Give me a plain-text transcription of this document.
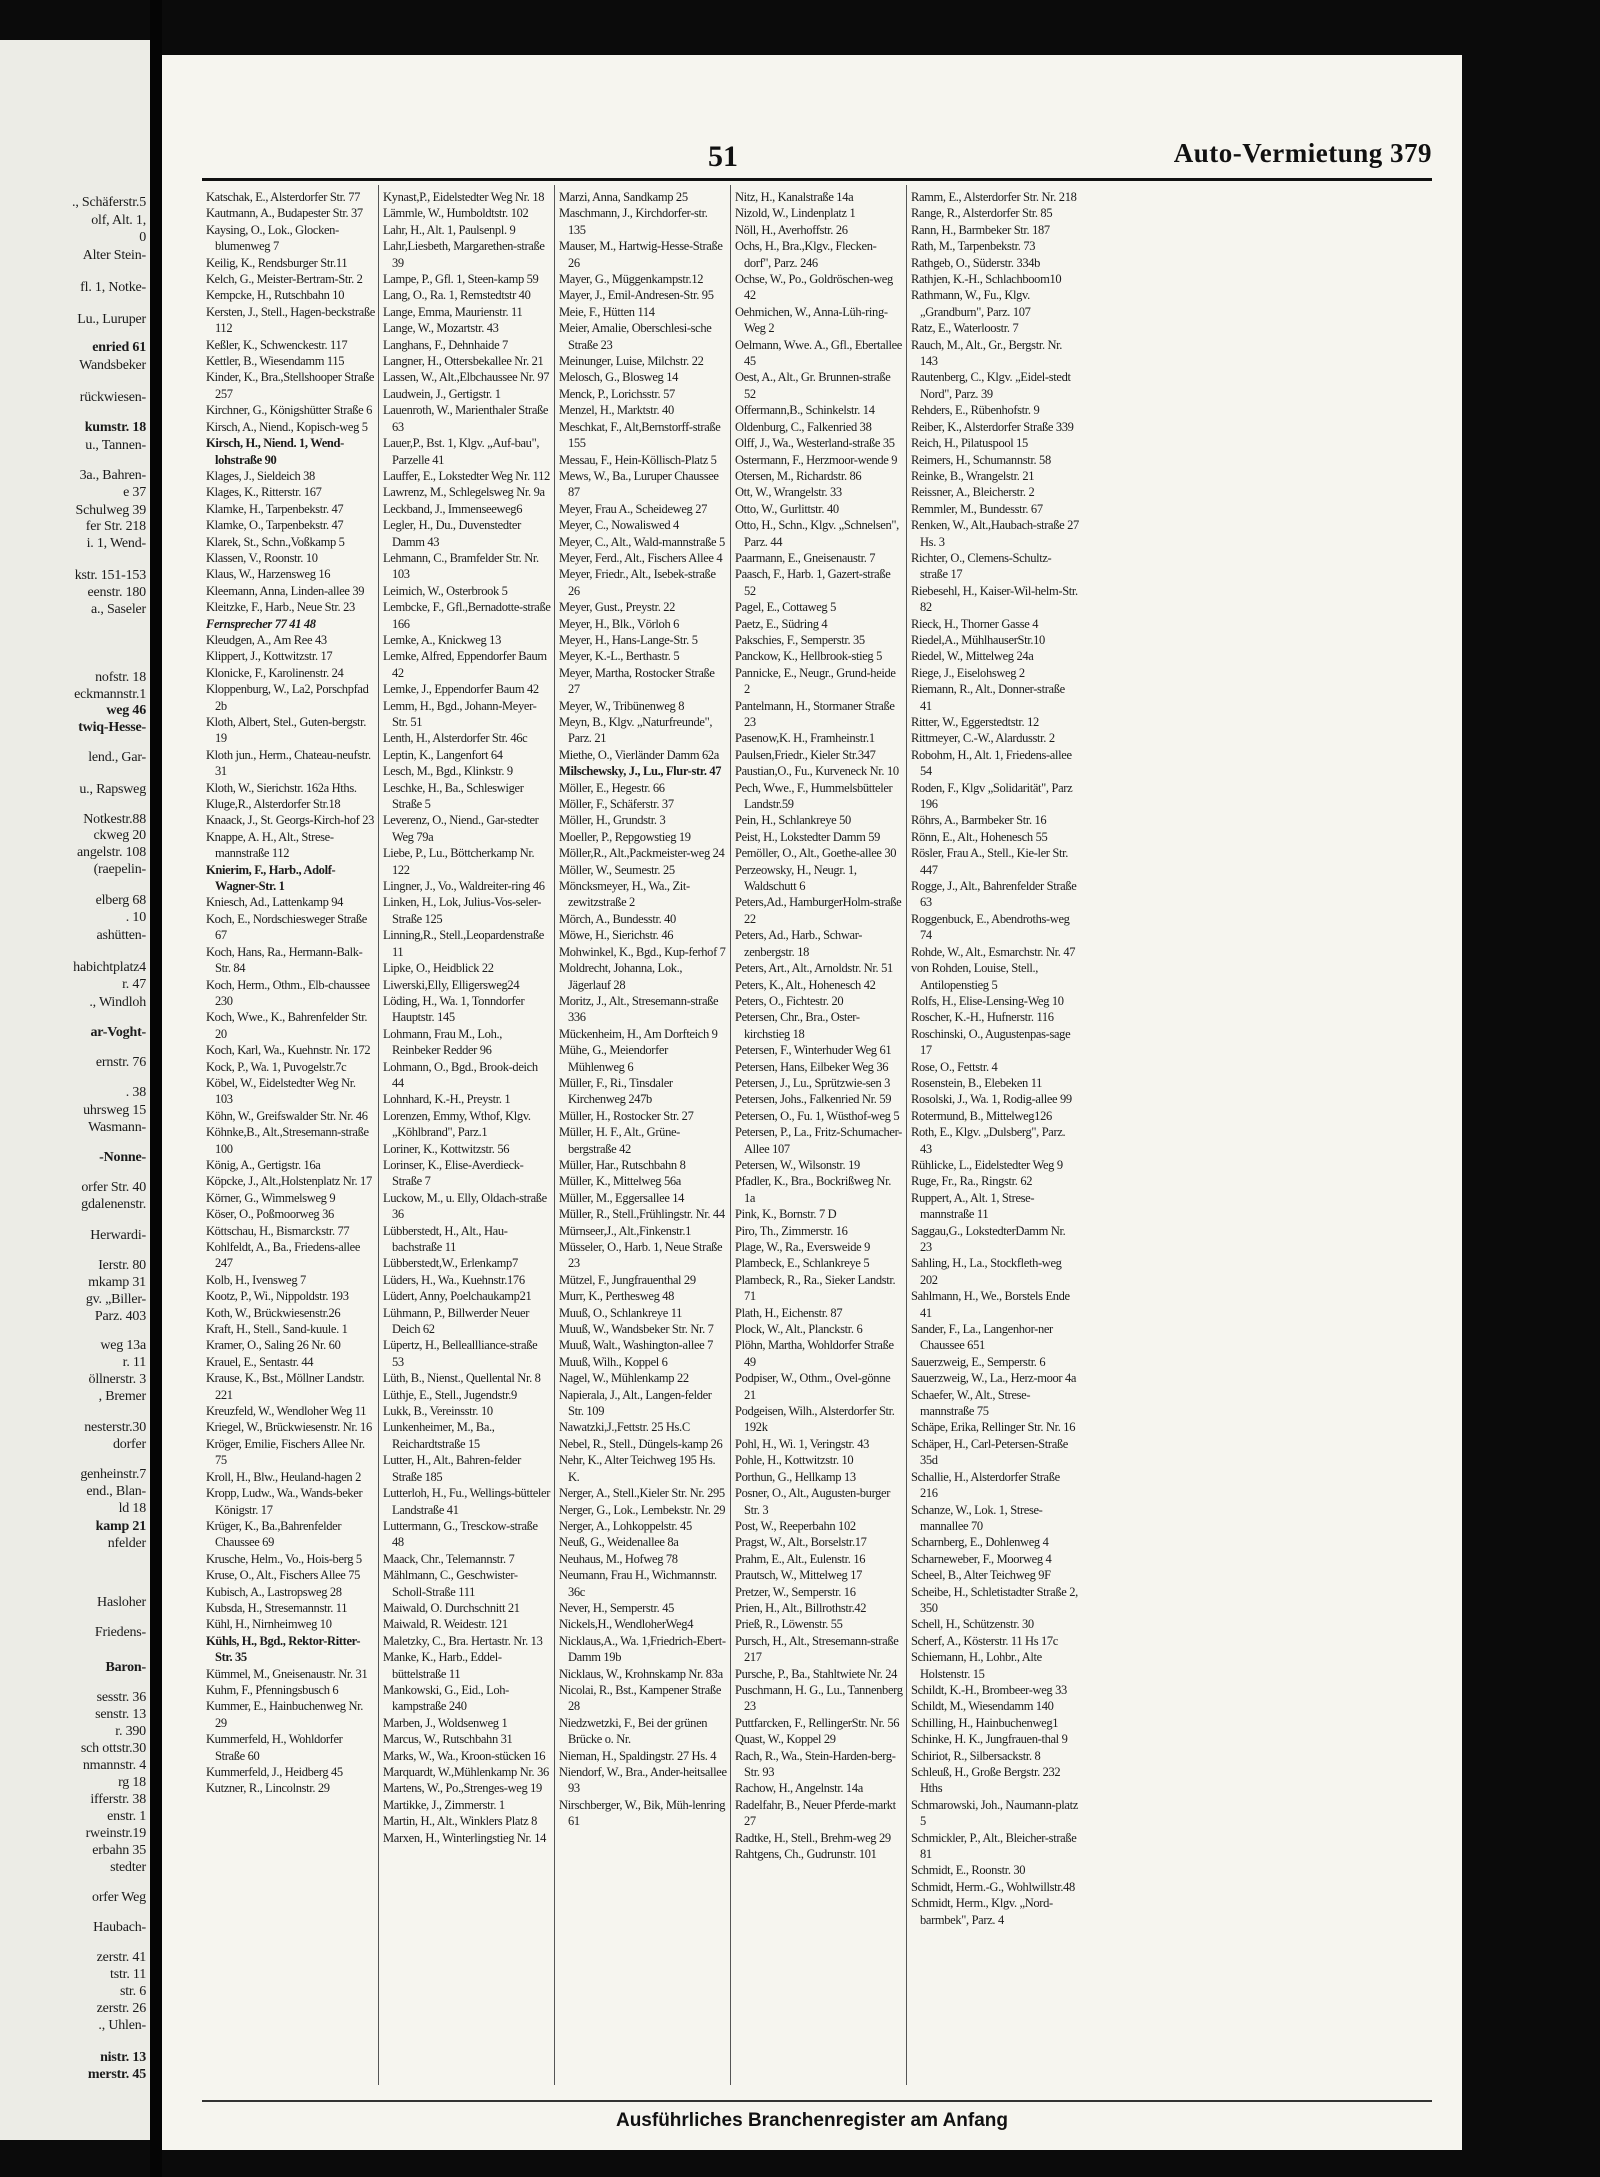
., Schäferstr.5
olf, Alt. 1,
0
Alter Stein-
fl. 1, Notke-
Lu., Luruper
enried 61
Wandsbeker
rückwiesen-
kumstr. 18
u., Tannen-
3a., Bahren-
e 37
Schulweg 39
fer Str. 218
i. 1, Wend-
kstr. 151-153
eenstr. 180
a., Saseler
nofstr. 18
eckmannstr.1
weg 46
twiq-Hesse-
lend., Gar-
u., Rapsweg
Notkestr.88
ckweg 20
angelstr. 108
(raepelin-
elberg 68
. 10
ashütten-
habichtplatz4
r. 47
., Windloh
ar-Voght-
ernstr. 76
. 38
uhrsweg 15
Wasmann-
-Nonne-
orfer Str. 40
gdalenenstr.
Herwardi-
Ierstr. 80
mkamp 31
gv. „Biller-
Parz. 403
weg 13a
r. 11
öllnerstr. 3
, Bremer
nesterstr.30
dorfer
genheinstr.7
end., Blan-
ld 18
kamp 21
nfelder
Hasloher
Friedens-
Baron-
sesstr. 36
senstr. 13
r. 390
sch ottstr.30
nmannstr. 4
rg 18
ifferstr. 38
enstr. 1
rweinstr.19
erbahn 35
stedter
orfer Weg
Haubach-
zerstr. 41
tstr. 11
str. 6
zerstr. 26
., Uhlen-
nistr. 13
merstr. 45
51	Auto-Vermietung 379
Katschak, E., Alsterdorfer Str. 77
Kautmann, A., Budapester Str. 37
Kaysing, O., Lok., Glocken-blumenweg 7
Keilig, K., Rendsburger Str.11
Kelch, G., Meister-Bertram-Str. 2
Kempcke, H., Rutschbahn 10
Kersten, J., Stell., Hagen-beckstraße 112
Keßler, K., Schwenckestr. 117
Kettler, B., Wiesendamm 115
Kinder, K., Bra.,Stellshooper Straße 257
Kirchner, G., Königshütter Straße 6
Kirsch, A., Niend., Kopisch-weg 5
Kirsch, H., Niend. 1, Wend-lohstraße 90
Klages, J., Sieldeich 38
Klages, K., Ritterstr. 167
Klamke, H., Tarpenbekstr. 47
Klamke, O., Tarpenbekstr. 47
Klarek, St., Schn.,Voßkamp 5
Klassen, V., Roonstr. 10
Klaus, W., Harzensweg 16
Kleemann, Anna, Linden-allee 39
Kleitzke, F., Harb., Neue Str. 23
Fernsprecher 77 41 48
Kleudgen, A., Am Ree 43
Klippert, J., Kottwitzstr. 17
Klonicke, F., Karolinenstr. 24
Kloppenburg, W., La2, Porschpfad 2b
Kloth, Albert, Stel., Guten-bergstr. 19
Kloth jun., Herm., Chateau-neufstr. 31
Kloth, W., Sierichstr. 162a Hths.
Kluge,R., Alsterdorfer Str.18
Knaack, J., St. Georgs-Kirch-hof 23
Knappe, A. H., Alt., Strese-mannstraße 112
Knierim, F., Harb., Adolf-Wagner-Str. 1
Kniesch, Ad., Lattenkamp 94
Koch, E., Nordschiesweger Straße 67
Koch, Hans, Ra., Hermann-Balk-Str. 84
Koch, Herm., Othm., Elb-chaussee 230
Koch, Wwe., K., Bahrenfelder Str. 20
Koch, Karl, Wa., Kuehnstr. Nr. 172
Kock, P., Wa. 1, Puvogelstr.7c
Köbel, W., Eidelstedter Weg Nr. 103
Köhn, W., Greifswalder Str. Nr. 46
Köhnke,B., Alt.,Stresemann-straße 100
König, A., Gertigstr. 16a
Köpcke, J., Alt.,Holstenplatz Nr. 17
Körner, G., Wimmelsweg 9
Köser, O., Poßmoorweg 36
Köttschau, H., Bismarckstr. 77
Kohlfeldt, A., Ba., Friedens-allee 247
Kolb, H., Ivensweg 7
Kootz, P., Wi., Nippoldstr. 193
Koth, W., Brückwiesenstr.26
Kraft, H., Stell., Sand-kuule. 1
Kramer, O., Saling 26 Nr. 60
Krauel, E., Sentastr. 44
Krause, K., Bst., Möllner Landstr. 221
Kreuzfeld, W., Wendloher Weg 11
Kriegel, W., Brückwiesenstr. Nr. 16
Kröger, Emilie, Fischers Allee Nr. 75
Kroll, H., Blw., Heuland-hagen 2
Kropp, Ludw., Wa., Wands-beker Königstr. 17
Krüger, K., Ba.,Bahrenfelder Chaussee 69
Krusche, Helm., Vo., Hois-berg 5
Kruse, O., Alt., Fischers Allee 75
Kubisch, A., Lastropsweg 28
Kubsda, H., Stresemannstr. 11
Kühl, H., Nirnheimweg 10
Kühls, H., Bgd., Rektor-Ritter-Str. 35
Kümmel, M., Gneisenaustr. Nr. 31
Kuhm, F., Pfenningsbusch 6
Kummer, E., Hainbuchenweg Nr. 29
Kummerfeld, H., Wohldorfer Straße 60
Kummerfeld, J., Heidberg 45
Kutzner, R., Lincolnstr. 29
Kynast,P., Eidelstedter Weg Nr. 18
Lämmle, W., Humboldtstr. 102
Lahr, H., Alt. 1, Paulsenpl. 9
Lahr,Liesbeth, Margarethen-straße 39
Lampe, P., Gfl. 1, Steen-kamp 59
Lang, O., Ra. 1, Remstedtstr 40
Lange, Emma, Maurienstr. 11
Lange, W., Mozartstr. 43
Langhans, F., Dehnhaide 7
Langner, H., Ottersbekallee Nr. 21
Lassen, W., Alt.,Elbchaussee Nr. 97
Laudwein, J., Gertigstr. 1
Lauenroth, W., Marienthaler Straße 63
Lauer,P., Bst. 1, Klgv. „Auf-bau", Parzelle 41
Lauffer, E., Lokstedter Weg Nr. 112
Lawrenz, M., Schlegelsweg Nr. 9a
Leckband, J., Immenseeweg6
Legler, H., Du., Duvenstedter Damm 43
Lehmann, C., Bramfelder Str. Nr. 103
Leimich, W., Osterbrook 5
Lembcke, F., Gfl.,Bernadotte-straße 166
Lemke, A., Knickweg 13
Lemke, Alfred, Eppendorfer Baum 42
Lemke, J., Eppendorfer Baum 42
Lemm, H., Bgd., Johann-Meyer-Str. 51
Lenth, H., Alsterdorfer Str. 46c
Leptin, K., Langenfort 64
Lesch, M., Bgd., Klinkstr. 9
Leschke, H., Ba., Schleswiger Straße 5
Leverenz, O., Niend., Gar-stedter Weg 79a
Liebe, P., Lu., Böttcherkamp Nr. 122
Lingner, J., Vo., Waldreiter-ring 46
Linken, H., Lok, Julius-Vos-seler-Straße 125
Linning,R., Stell.,Leopardenstraße 11
Lipke, O., Heidblick 22
Liwerski,Elly, Elligersweg24
Löding, H., Wa. 1, Tonndorfer Hauptstr. 145
Lohmann, Frau M., Loh., Reinbeker Redder 96
Lohmann, O., Bgd., Brook-deich 44
Lohnhard, K.-H., Preystr. 1
Lorenzen, Emmy, Wthof, Klgv. „Köhlbrand", Parz.1
Loriner, K., Kottwitzstr. 56
Lorinser, K., Elise-Averdieck-Straße 7
Luckow, M., u. Elly, Oldach-straße 36
Lübberstedt, H., Alt., Hau-bachstraße 11
Lübberstedt,W., Erlenkamp7
Lüders, H., Wa., Kuehnstr.176
Lüdert, Anny, Poelchaukamp21
Lühmann, P., Billwerder Neuer Deich 62
Lüpertz, H., Belleallliance-straße 53
Lüth, B., Nienst., Quellental Nr. 8
Lüthje, E., Stell., Jugendstr.9
Lukk, B., Vereinsstr. 10
Lunkenheimer, M., Ba., Reichardtstraße 15
Lutter, H., Alt., Bahren-felder Straße 185
Lutterloh, H., Fu., Wellings-bütteler Landstraße 41
Luttermann, G., Tresckow-straße 48
Maack, Chr., Telemannstr. 7
Mählmann, C., Geschwister-Scholl-Straße 111
Maiwald, O. Durchschnitt 21
Maiwald, R. Weidestr. 121
Maletzky, C., Bra. Hertastr. Nr. 13
Manke, K., Harb., Eddel-büttelstraße 11
Mankowski, G., Eid., Loh-kampstraße 240
Marben, J., Woldsenweg 1
Marcus, W., Rutschbahn 31
Marks, W., Wa., Kroon-stücken 16
Marquardt, W.,Mühlenkamp Nr. 36
Martens, W., Po.,Strenges-weg 19
Martikke, J., Zimmerstr. 1
Martin, H., Alt., Winklers Platz 8
Marxen, H., Winterlingstieg Nr. 14
Marzi, Anna, Sandkamp 25
Maschmann, J., Kirchdorfer-str. 135
Mauser, M., Hartwig-Hesse-Straße 26
Mayer, G., Müggenkampstr.12
Mayer, J., Emil-Andresen-Str. 95
Meie, F., Hütten 114
Meier, Amalie, Oberschlesi-sche Straße 23
Meinunger, Luise, Milchstr. 22
Melosch, G., Blosweg 14
Menck, P., Lorichsstr. 57
Menzel, H., Marktstr. 40
Meschkat, F., Alt,Bernstorff-straße 155
Messau, F., Hein-Köllisch-Platz 5
Mews, W., Ba., Luruper Chaussee 87
Meyer, Frau A., Scheideweg 27
Meyer, C., Nowaliswed 4
Meyer, C., Alt., Wald-mannstraße 5
Meyer, Ferd., Alt., Fischers Allee 4
Meyer, Friedr., Alt., Isebek-straße 26
Meyer, Gust., Preystr. 22
Meyer, H., Blk., Vörloh 6
Meyer, H., Hans-Lange-Str. 5
Meyer, K.-L., Berthastr. 5
Meyer, Martha, Rostocker Straße 27
Meyer, W., Tribünenweg 8
Meyn, B., Klgv. „Naturfreunde", Parz. 21
Miethe, O., Vierländer Damm 62a
Milschewsky, J., Lu., Flur-str. 47
Möller, E., Hegestr. 66
Möller, F., Schäferstr. 37
Möller, H., Grundstr. 3
Moeller, P., Repgowstieg 19
Möller,R., Alt.,Packmeister-weg 24
Möller, W., Seumestr. 25
Möncksmeyer, H., Wa., Zit-zewitzstraße 2
Mörch, A., Bundesstr. 40
Möwe, H., Sierichstr. 46
Mohwinkel, K., Bgd., Kup-ferhof 7
Moldrecht, Johanna, Lok., Jägerlauf 28
Moritz, J., Alt., Stresemann-straße 336
Mückenheim, H., Am Dorfteich 9
Mühe, G., Meiendorfer Mühlenweg 6
Müller, F., Ri., Tinsdaler Kirchenweg 247b
Müller, H., Rostocker Str. 27
Müller, H. F., Alt., Grüne-bergstraße 42
Müller, Har., Rutschbahn 8
Müller, K., Mittelweg 56a
Müller, M., Eggersallee 14
Müller, R., Stell.,Frühlingstr. Nr. 44
Mürnseer,J., Alt.,Finkenstr.1
Müsseler, O., Harb. 1, Neue Straße 23
Mützel, F., Jungfrauenthal 29
Murr, K., Perthesweg 48
Muuß, O., Schlankreye 11
Muuß, W., Wandsbeker Str. Nr. 7
Muuß, Walt., Washington-allee 7
Muuß, Wilh., Koppel 6
Nagel, W., Mühlenkamp 22
Napierala, J., Alt., Langen-felder Str. 109
Nawatzki,J.,Fettstr. 25 Hs.C
Nebel, R., Stell., Düngels-kamp 26
Nehr, K., Alter Teichweg 195 Hs. K.
Nerger, A., Stell.,Kieler Str. Nr. 295
Nerger, G., Lok., Lembekstr. Nr. 29
Nerger, A., Lohkoppelstr. 45
Neuß, G., Weidenallee 8a
Neuhaus, M., Hofweg 78
Neumann, Frau H., Wichmannstr. 36c
Never, H., Semperstr. 45
Nickels,H., WendloherWeg4
Nicklaus,A., Wa. 1,Friedrich-Ebert-Damm 19b
Nicklaus, W., Krohnskamp Nr. 83a
Nicolai, R., Bst., Kampener Straße 28
Niedzwetzki, F., Bei der grünen Brücke o. Nr.
Nieman, H., Spaldingstr. 27 Hs. 4
Niendorf, W., Bra., Ander-heitsallee 93
Nirschberger, W., Bik, Müh-lenring 61
Nitz, H., Kanalstraße 14a
Nizold, W., Lindenplatz 1
Nöll, H., Averhoffstr. 26
Ochs, H., Bra.,Klgv., Flecken-dorf", Parz. 246
Ochse, W., Po., Goldröschen-weg 42
Oehmichen, W., Anna-Lüh-ring-Weg 2
Oelmann, Wwe. A., Gfl., Ebertallee 45
Oest, A., Alt., Gr. Brunnen-straße 52
Offermann,B., Schinkelstr. 14
Oldenburg, C., Falkenried 38
Olff, J., Wa., Westerland-straße 35
Ostermann, F., Herzmoor-wende 9
Otersen, M., Richardstr. 86
Ott, W., Wrangelstr. 33
Otto, W., Gurlittstr. 40
Otto, H., Schn., Klgv. „Schnelsen", Parz. 44
Paarmann, E., Gneisenaustr. 7
Paasch, F., Harb. 1, Gazert-straße 52
Pagel, E., Cottaweg 5
Paetz, E., Südring 4
Pakschies, F., Semperstr. 35
Panckow, K., Hellbrook-stieg 5
Pannicke, E., Neugr., Grund-heide 2
Pantelmann, H., Stormaner Straße 23
Pasenow,K. H., Framheinstr.1
Paulsen,Friedr., Kieler Str.347
Paustian,O., Fu., Kurveneck Nr. 10
Pech, Wwe., F., Hummelsbütteler Landstr.59
Pein, H., Schlankreye 50
Peist, H., Lokstedter Damm 59
Pemöller, O., Alt., Goethe-allee 30
Perzeowsky, H., Neugr. 1, Waldschutt 6
Peters,Ad., HamburgerHolm-straße 22
Peters, Ad., Harb., Schwar-zenbergstr. 18
Peters, Art., Alt., Arnoldstr. Nr. 51
Peters, K., Alt., Hohenesch 42
Peters, O., Fichtestr. 20
Petersen, Chr., Bra., Oster-kirchstieg 18
Petersen, F., Winterhuder Weg 61
Petersen, Hans, Eilbeker Weg 36
Petersen, J., Lu., Sprützwie-sen 3
Petersen, Johs., Falkenried Nr. 59
Petersen, O., Fu. 1, Wüsthof-weg 5
Petersen, P., La., Fritz-Schumacher-Allee 107
Petersen, W., Wilsonstr. 19
Pfadler, K., Bra., Bockrißweg Nr. 1a
Pink, K., Bornstr. 7 D
Piro, Th., Zimmerstr. 16
Plage, W., Ra., Eversweide 9
Plambeck, E., Schlankreye 5
Plambeck, R., Ra., Sieker Landstr. 71
Plath, H., Eichenstr. 87
Plock, W., Alt., Planckstr. 6
Plöhn, Martha, Wohldorfer Straße 49
Podpiser, W., Othm., Ovel-gönne 21
Podgeisen, Wilh., Alsterdorfer Str. 192k
Pohl, H., Wi. 1, Veringstr. 43
Pohle, H., Kottwitzstr. 10
Porthun, G., Hellkamp 13
Posner, O., Alt., Augusten-burger Str. 3
Post, W., Reeperbahn 102
Pragst, W., Alt., Borselstr.17
Prahm, E., Alt., Eulenstr. 16
Prautsch, W., Mittelweg 17
Pretzer, W., Semperstr. 16
Prien, H., Alt., Billrothstr.42
Prieß, R., Löwenstr. 55
Pursch, H., Alt., Stresemann-straße 217
Pursche, P., Ba., Stahltwiete Nr. 24
Puschmann, H. G., Lu., Tannenberg 23
Puttfarcken, F., RellingerStr. Nr. 56
Quast, W., Koppel 29
Rach, R., Wa., Stein-Harden-berg-Str. 93
Rachow, H., Angelnstr. 14a
Radelfahr, B., Neuer Pferde-markt 27
Radtke, H., Stell., Brehm-weg 29
Rahtgens, Ch., Gudrunstr. 101
Ramm, E., Alsterdorfer Str. Nr. 218
Range, R., Alsterdorfer Str. 85
Rann, H., Barmbeker Str. 187
Rath, M., Tarpenbekstr. 73
Rathgeb, O., Süderstr. 334b
Rathjen, K.-H., Schlachboom10
Rathmann, W., Fu., Klgv. „Grandburn", Parz. 107
Ratz, E., Waterloostr. 7
Rauch, M., Alt., Gr., Bergstr. Nr. 143
Rautenberg, C., Klgv. „Eidel-stedt Nord", Parz. 39
Rehders, E., Rübenhofstr. 9
Reiber, K., Alsterdorfer Straße 339
Reich, H., Pilatuspool 15
Reimers, H., Schumannstr. 58
Reinke, B., Wrangelstr. 21
Reissner, A., Bleicherstr. 2
Remmler, M., Bundesstr. 67
Renken, W., Alt.,Haubach-straße 27 Hs. 3
Richter, O., Clemens-Schultz-straße 17
Riebesehl, H., Kaiser-Wil-helm-Str. 82
Rieck, H., Thorner Gasse 4
Riedel,A., MühlhauserStr.10
Riedel, W., Mittelweg 24a
Riege, J., Eiselohsweg 2
Riemann, R., Alt., Donner-straße 41
Ritter, W., Eggerstedtstr. 12
Rittmeyer, C.-W., Alardusstr. 2
Robohm, H., Alt. 1, Friedens-allee 54
Roden, F., Klgv „Solidarität", Parz 196
Röhrs, A., Barmbeker Str. 16
Rönn, E., Alt., Hohenesch 55
Rösler, Frau A., Stell., Kie-ler Str. 447
Rogge, J., Alt., Bahrenfelder Straße 63
Roggenbuck, E., Abendroths-weg 74
Rohde, W., Alt., Esmarchstr. Nr. 47
von Rohden, Louise, Stell., Antilopenstieg 5
Rolfs, H., Elise-Lensing-Weg 10
Roscher, K.-H., Hufnerstr. 116
Roschinski, O., Augustenpas-sage 17
Rose, O., Fettstr. 4
Rosenstein, B., Elebeken 11
Rosolski, J., Wa. 1, Rodig-allee 99
Rotermund, B., Mittelweg126
Roth, E., Klgv. „Dulsberg", Parz. 43
Rühlicke, L., Eidelstedter Weg 9
Ruge, Fr., Ra., Ringstr. 62
Ruppert, A., Alt. 1, Strese-mannstraße 11
Saggau,G., LokstedterDamm Nr. 23
Sahling, H., La., Stockfleth-weg 202
Sahlmann, H., We., Borstels Ende 41
Sander, F., La., Langenhor-ner Chaussee 651
Sauerzweig, E., Semperstr. 6
Sauerzweig, W., La., Herz-moor 4a
Schaefer, W., Alt., Strese-mannstraße 75
Schäpe, Erika, Rellinger Str. Nr. 16
Schäper, H., Carl-Petersen-Straße 35d
Schallie, H., Alsterdorfer Straße 216
Schanze, W., Lok. 1, Strese-mannallee 70
Scharnberg, E., Dohlenweg 4
Scharneweber, F., Moorweg 4
Scheel, B., Alter Teichweg 9F
Scheibe, H., Schletistadter Straße 2, 350
Schell, H., Schützenstr. 30
Scherf, A., Kösterstr. 11 Hs 17c
Schiemann, H., Lohbr., Alte Holstenstr. 15
Schildt, K.-H., Brombeer-weg 33
Schildt, M., Wiesendamm 140
Schilling, H., Hainbuchenweg1
Schinke, H. K., Jungfrauen-thal 9
Schiriot, R., Silbersackstr. 8
Schleuß, H., Große Bergstr. 232 Hths
Schmarowski, Joh., Naumann-platz 5
Schmickler, P., Alt., Bleicher-straße 81
Schmidt, E., Roonstr. 30
Schmidt, Herm.-G., Wohlwillstr.48
Schmidt, Herm., Klgv. „Nord-barmbek", Parz. 4
Ausführliches Branchenregister am Anfang
